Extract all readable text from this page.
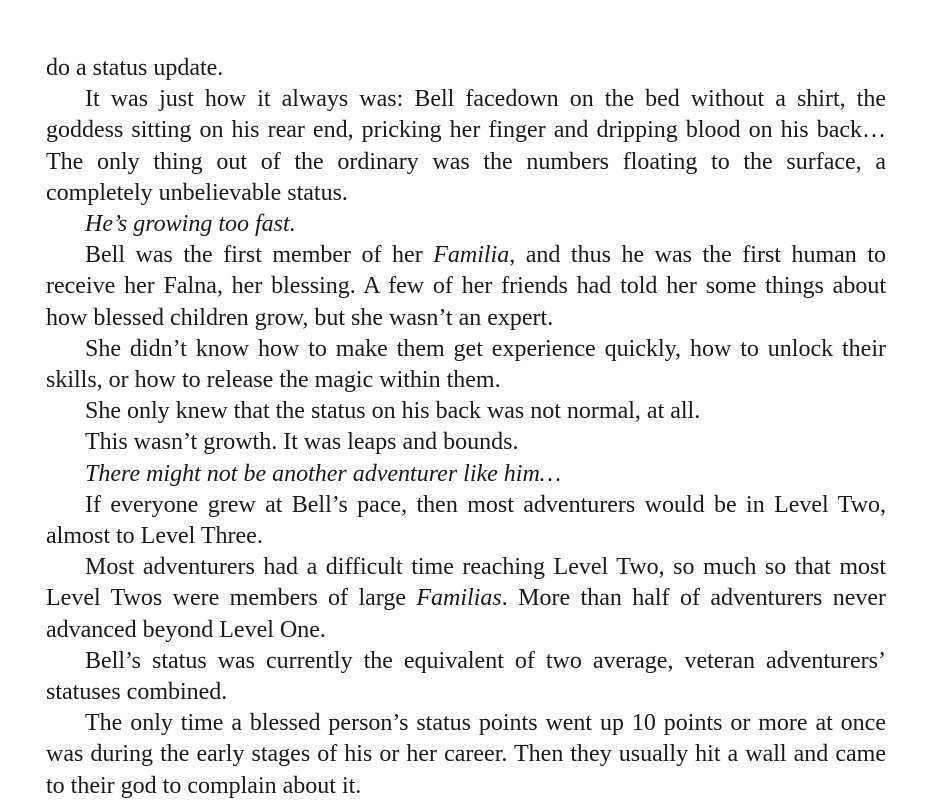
do a status update.

It was just how it always was: Bell facedown on the bed without a shirt, the goddess sitting on his rear end, pricking her finger and dripping blood on his back… The only thing out of the ordinary was the numbers floating to the surface, a completely unbelievable status.

He’s growing too fast.

Bell was the first member of her Familia, and thus he was the first human to receive her Falna, her blessing. A few of her friends had told her some things about how blessed children grow, but she wasn’t an expert.

She didn’t know how to make them get experience quickly, how to unlock their skills, or how to release the magic within them.

She only knew that the status on his back was not normal, at all.

This wasn’t growth. It was leaps and bounds.

There might not be another adventurer like him…

If everyone grew at Bell’s pace, then most adventurers would be in Level Two, almost to Level Three.

Most adventurers had a difficult time reaching Level Two, so much so that most Level Twos were members of large Familias. More than half of adventurers never advanced beyond Level One.

Bell’s status was currently the equivalent of two average, veteran adventurers’ statuses combined.

The only time a blessed person’s status points went up 10 points or more at once was during the early stages of his or her career. Then they usually hit a wall and came to their god to complain about it.
